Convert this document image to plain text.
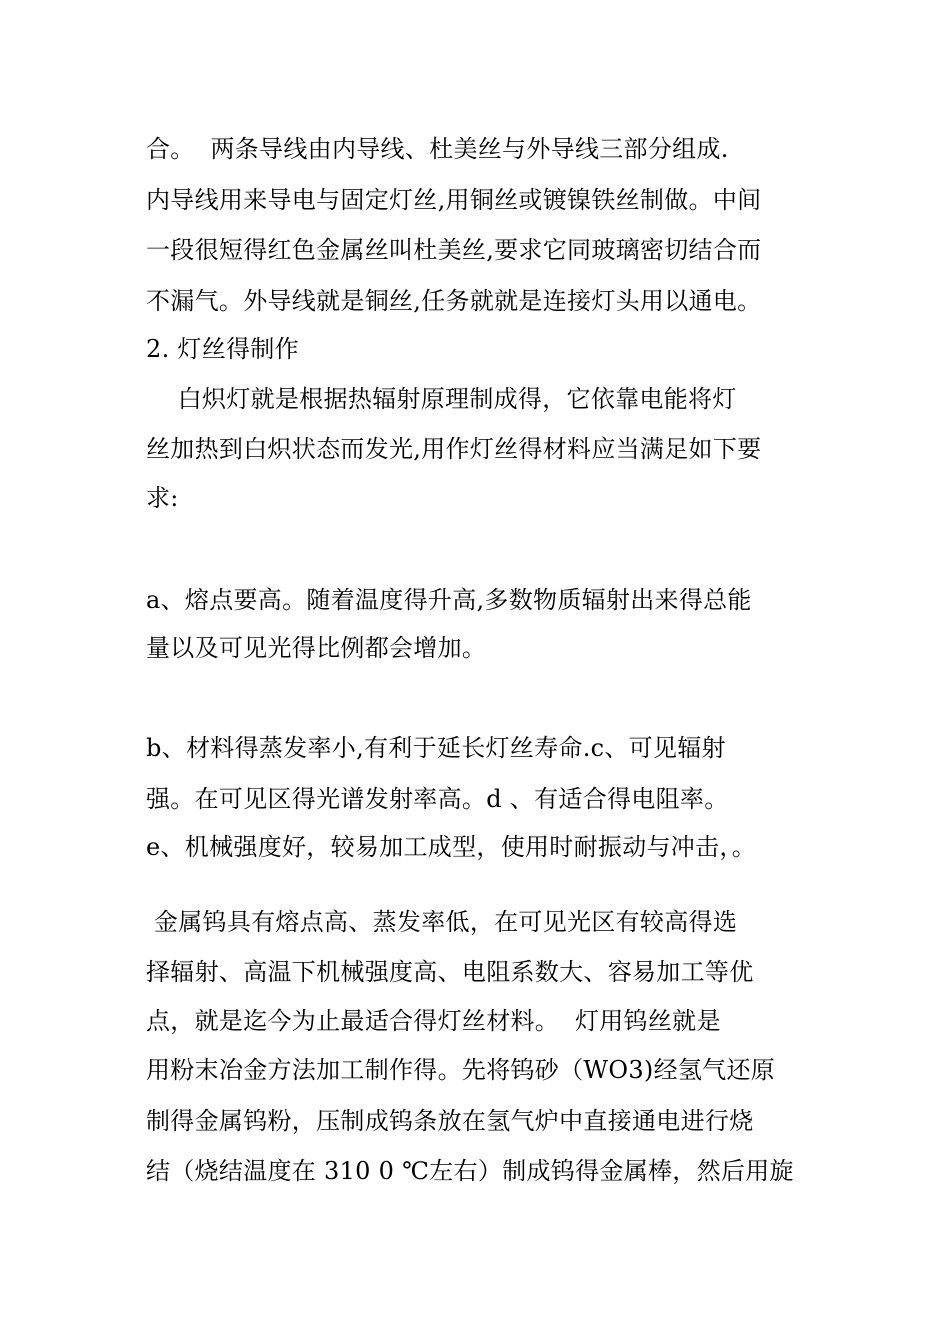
合。  两条导线由内导线、杜美丝与外导线三部分组成.
内导线用来导电与固定灯丝,用铜丝或镀镍铁丝制做。中间
一段很短得红色金属丝叫杜美丝,要求它同玻璃密切结合而
不漏气。外导线就是铜丝,任务就就是连接灯头用以通电。
2. 灯丝得制作
白炽灯就是根据热辐射原理制成得，它依靠电能将灯
丝加热到白炽状态而发光,用作灯丝得材料应当满足如下要
求:
a、熔点要高。随着温度得升高,多数物质辐射出来得总能
量以及可见光得比例都会增加。
b、材料得蒸发率小,有利于延长灯丝寿命.c、可见辐射
强。在可见区得光谱发射率高。d 、有适合得电阻率。
e、机械强度好，较易加工成型，使用时耐振动与冲击，。
金属钨具有熔点高、蒸发率低，在可见光区有较高得选
择辐射、高温下机械强度高、电阻系数大、容易加工等优
点，就是迄今为止最适合得灯丝材料。  灯用钨丝就是
用粉末冶金方法加工制作得。先将钨砂（WO3)经氢气还原
制得金属钨粉，压制成钨条放在氢气炉中直接通电进行烧
结（烧结温度在 310 0 ℃左右）制成钨得金属棒，然后用旋
